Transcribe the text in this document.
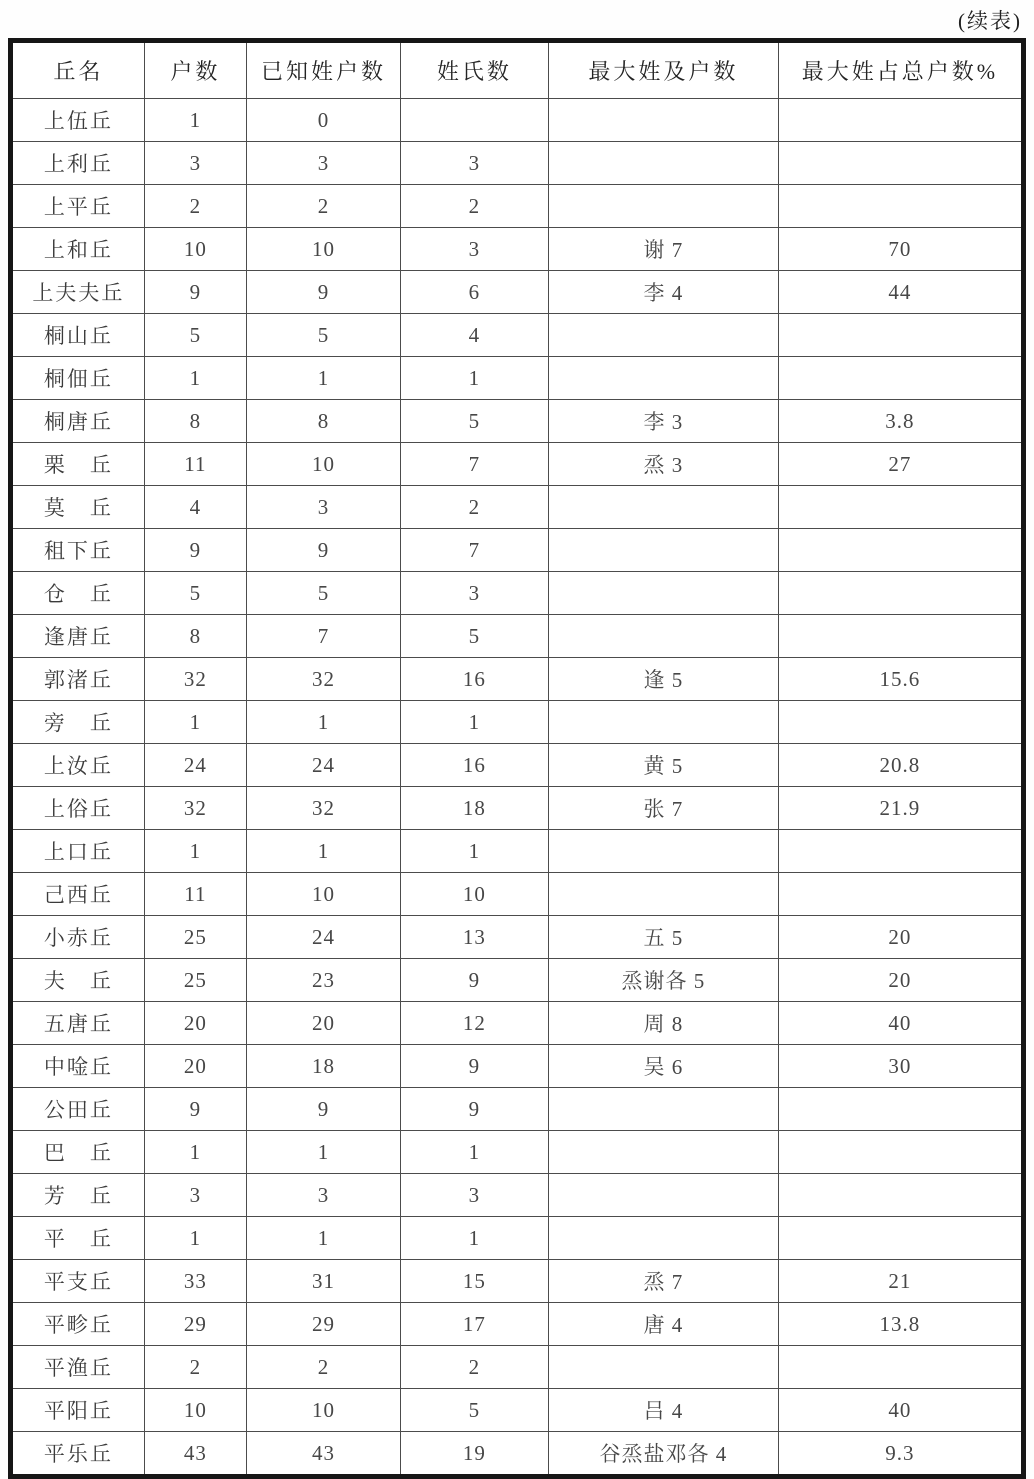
(续表)
丘名	户数	已知姓户数	姓氏数	最大姓及户数	最大姓占总户数%
上伍丘	1	0			
上利丘	3	3	3		
上平丘	2	2	2		
上和丘	10	10	3	谢 7	70
上夫夫丘	9	9	6	李 4	44
桐山丘	5	5	4		
桐佃丘	1	1	1		
桐唐丘	8	8	5	李 3	3.8
栗　丘	11	10	7	烝 3	27
莫　丘	4	3	2		
租下丘	9	9	7		
仓　丘	5	5	3		
逢唐丘	8	7	5		
郭渚丘	32	32	16	逢 5	15.6
旁　丘	1	1	1		
上汝丘	24	24	16	黄 5	20.8
上俗丘	32	32	18	张 7	21.9
上口丘	1	1	1		
己西丘	11	10	10		
小赤丘	25	24	13	五 5	20
夫　丘	25	23	9	烝谢各 5	20
五唐丘	20	20	12	周 8	40
中唫丘	20	18	9	吴 6	30
公田丘	9	9	9		
巴　丘	1	1	1		
芳　丘	3	3	3		
平　丘	1	1	1		
平支丘	33	31	15	烝 7	21
平畛丘	29	29	17	唐 4	13.8
平渔丘	2	2	2		
平阳丘	10	10	5	吕 4	40
平乐丘	43	43	19	谷烝盐邓各 4	9.3
